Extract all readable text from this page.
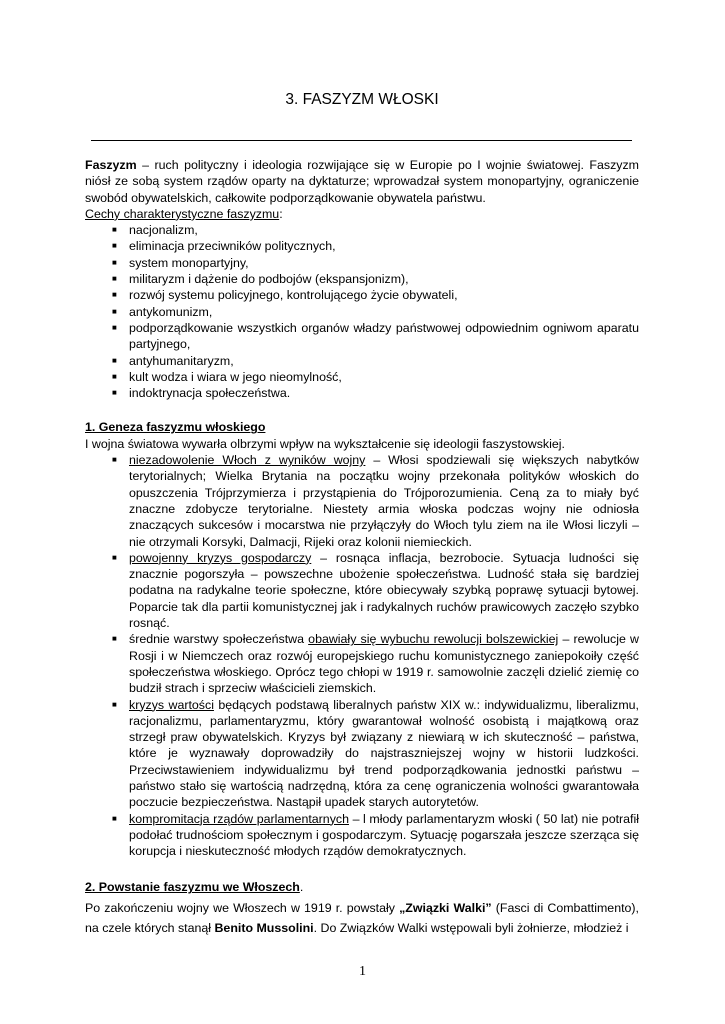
3. FASZYZM WŁOSKI

Faszyzm – ruch polityczny i ideologia rozwijające się w Europie po I wojnie światowej. Faszyzm niósł ze sobą system rządów oparty na dyktaturze; wprowadzał system monopartyjny, ograniczenie swobód obywatelskich, całkowite podporządkowanie obywatela państwu.

Cechy charakterystyczne faszyzmu:

■ nacjonalizm,
■ eliminacja przeciwników politycznych,
■ system monopartyjny,
■ militaryzm i dążenie do podbojów (ekspansjonizm),
■ rozwój systemu policyjnego, kontrolującego życie obywateli,
■ antykomunizm,
■ podporządkowanie wszystkich organów władzy państwowej odpowiednim ogniwom aparatu partyjnego,
■ antyhumanitaryzm,
■ kult wodza i wiara w jego nieomylność,
■ indoktrynacja społeczeństwa.

1. Geneza faszyzmu włoskiego

I wojna światowa wywarła olbrzymi wpływ na wykształcenie się ideologii faszystowskiej.

■ niezadowolenie Włoch z wyników wojny – Włosi spodziewali się większych nabytków terytorialnych; Wielka Brytania na początku wojny przekonała polityków włoskich do opuszczenia Trójprzymierza i przystąpienia do Trójporozumienia. Ceną za to miały być znaczne zdobycze terytorialne. Niestety armia włoska podczas wojny nie odniosła znaczących sukcesów i mocarstwa nie przyłączyły do Włoch tylu ziem na ile Włosi liczyli – nie otrzymali Korsyki, Dalmacji, Rijeki oraz kolonii niemieckich.
■ powojenny kryzys gospodarczy – rosnąca inflacja, bezrobocie. Sytuacja ludności się znacznie pogorszyła – powszechne ubożenie społeczeństwa. Ludność stała się bardziej podatna na radykalne teorie społeczne, które obiecywały szybką poprawę sytuacji bytowej. Poparcie tak dla partii komunistycznej jak i radykalnych ruchów prawicowych zaczęło szybko rosnąć.
■ średnie warstwy społeczeństwa obawiały się wybuchu rewolucji bolszewickiej – rewolucje w Rosji i w Niemczech oraz rozwój europejskiego ruchu komunistycznego zaniepokoiły część społeczeństwa włoskiego. Oprócz tego chłopi w 1919 r. samowolnie zaczęli dzielić ziemię co budził strach i sprzeciw właścicieli ziemskich.
■ kryzys wartości będących podstawą liberalnych państw XIX w.: indywidualizmu, liberalizmu, racjonalizmu, parlamentaryzmu, który gwarantował wolność osobistą i majątkową oraz strzegł praw obywatelskich. Kryzys był związany z niewiarą w ich skuteczność – państwa, które je wyznawały doprowadziły do najstraszniejszej wojny w historii ludzkości. Przeciwstawieniem indywidualizmu był trend podporządkowania jednostki państwu – państwo stało się wartością nadrzędną, która za cenę ograniczenia wolności gwarantowała poczucie bezpieczeństwa. Nastąpił upadek starych autorytetów.
■ kompromitacja rządów parlamentarnych – l młody parlamentaryzm włoski ( 50 lat) nie potrafił podołać trudnościom społecznym i gospodarczym. Sytuację pogarszała jeszcze szerząca się korupcja i nieskuteczność młodych rządów demokratycznych.

2. Powstanie faszyzmu we Włoszech.

Po zakończeniu wojny we Włoszech w 1919 r. powstały „Związki Walki” (Fasci di Combattimento), na czele których stanął Benito Mussolini. Do Związków Walki wstępowali byli żołnierze, młodzież i

1
